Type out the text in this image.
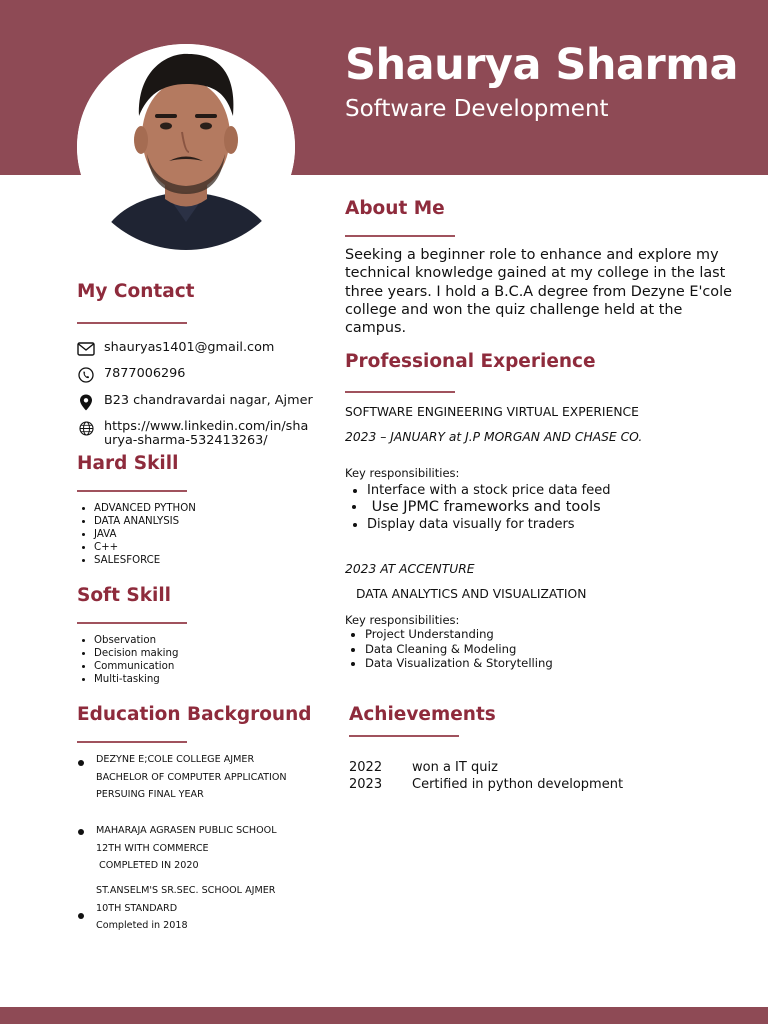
Shaurya Sharma
Software Development
About Me
Seeking a beginner role to enhance and explore my technical knowledge gained at my college in the last three years. I hold a B.C.A degree from Dezyne E'cole college and won the quiz challenge held at the campus.
My Contact
shauryas1401@gmail.com
7877006296
B23 chandravardai nagar, Ajmer
https://www.linkedin.com/in/shaurya-sharma-532413263/
Hard Skill
• ADVANCED PYTHON
• DATA ANANLYSIS
• JAVA
• C++
• SALESFORCE
Soft Skill
• Observation
• Decision making
• Communication
• Multi-tasking
Education Background
DEZYNE E;COLE COLLEGE AJMER
BACHELOR OF COMPUTER APPLICATION
PERSUING FINAL YEAR
MAHARAJA AGRASEN PUBLIC SCHOOL
12TH WITH COMMERCE
COMPLETED IN 2020
ST.ANSELM'S SR.SEC. SCHOOL AJMER
10TH STANDARD
Completed in 2018
Professional Experience
SOFTWARE ENGINEERING VIRTUAL EXPERIENCE
2023 – JANUARY at J.P MORGAN AND CHASE CO.
Key responsibilities:
• Interface with a stock price data feed
•  Use JPMC frameworks and tools
• Display data visually for traders
2023 AT ACCENTURE
DATA ANALYTICS AND VISUALIZATION
Key responsibilities:
• Project Understanding
• Data Cleaning & Modeling
• Data Visualization & Storytelling
Achievements
2022	won a IT quiz
2023	Certified in python development
